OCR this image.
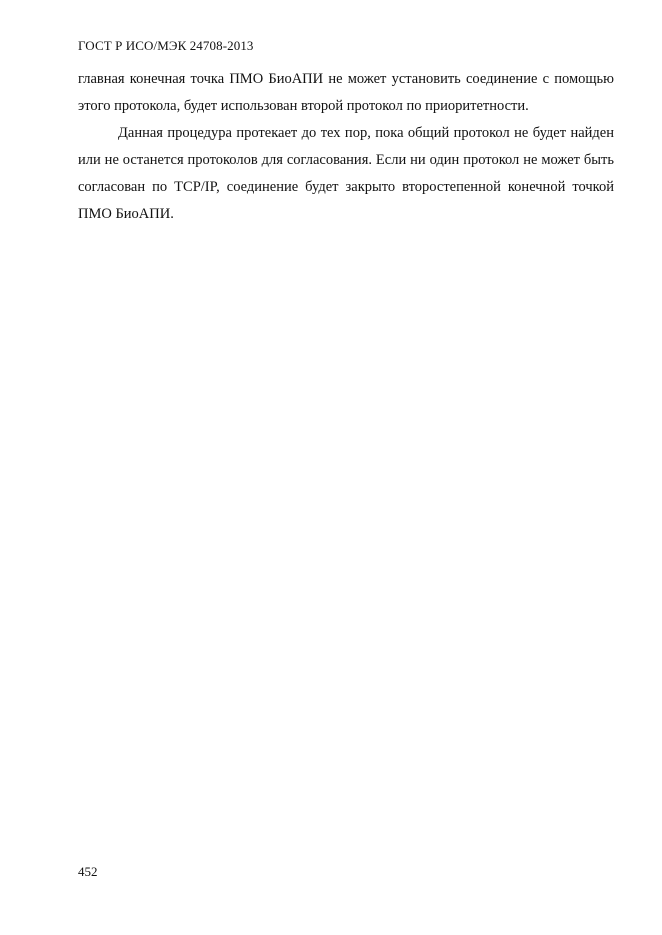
ГОСТ Р ИСО/МЭК 24708-2013

главная конечная точка ПМО БиоАПИ не может установить соединение с помощью этого протокола, будет использован второй протокол по приоритетности.

Данная процедура протекает до тех пор, пока общий протокол не будет найден или не останется протоколов для согласования. Если ни один протокол не может быть согласован по TCP/IP, соединение будет закрыто второстепенной конечной точкой ПМО БиоАПИ.

452
